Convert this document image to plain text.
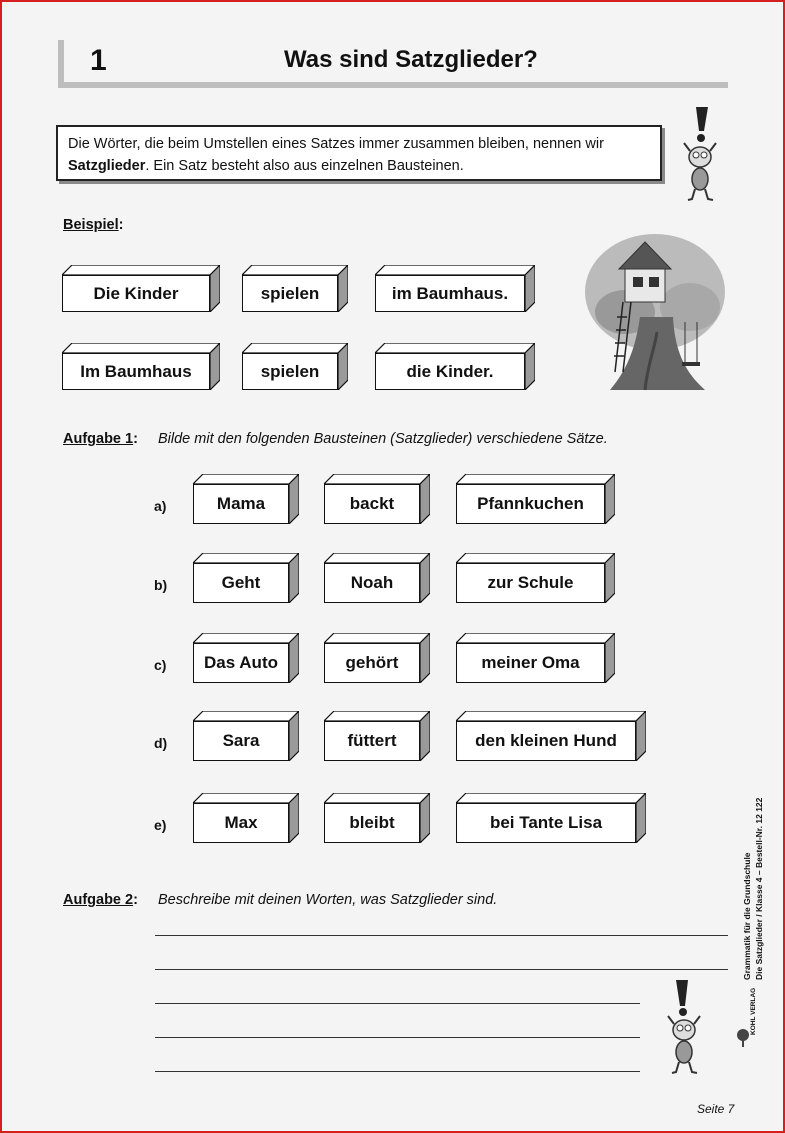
1	Was sind Satzglieder?
Die Wörter, die beim Umstellen eines Satzes immer zusammen bleiben, nennen wir Satzglieder. Ein Satz besteht also aus einzelnen Bausteinen.
Beispiel:
Die Kinder	spielen	im Baumhaus.
Im Baumhaus	spielen	die Kinder.
Aufgabe 1: Bilde mit den folgenden Bausteinen (Satzglieder) verschiedene Sätze.
a)	Mama	backt	Pfannkuchen
b)	Geht	Noah	zur Schule
c)	Das Auto	gehört	meiner Oma
d)	Sara	füttert	den kleinen Hund
e)	Max	bleibt	bei Tante Lisa
Aufgabe 2: Beschreibe mit deinen Worten, was Satzglieder sind.	Grammatik für die Grundschule Die Satzglieder / Klasse 4 – Bestell-Nr. 12 122
KOHL VERLAG
Seite 7
